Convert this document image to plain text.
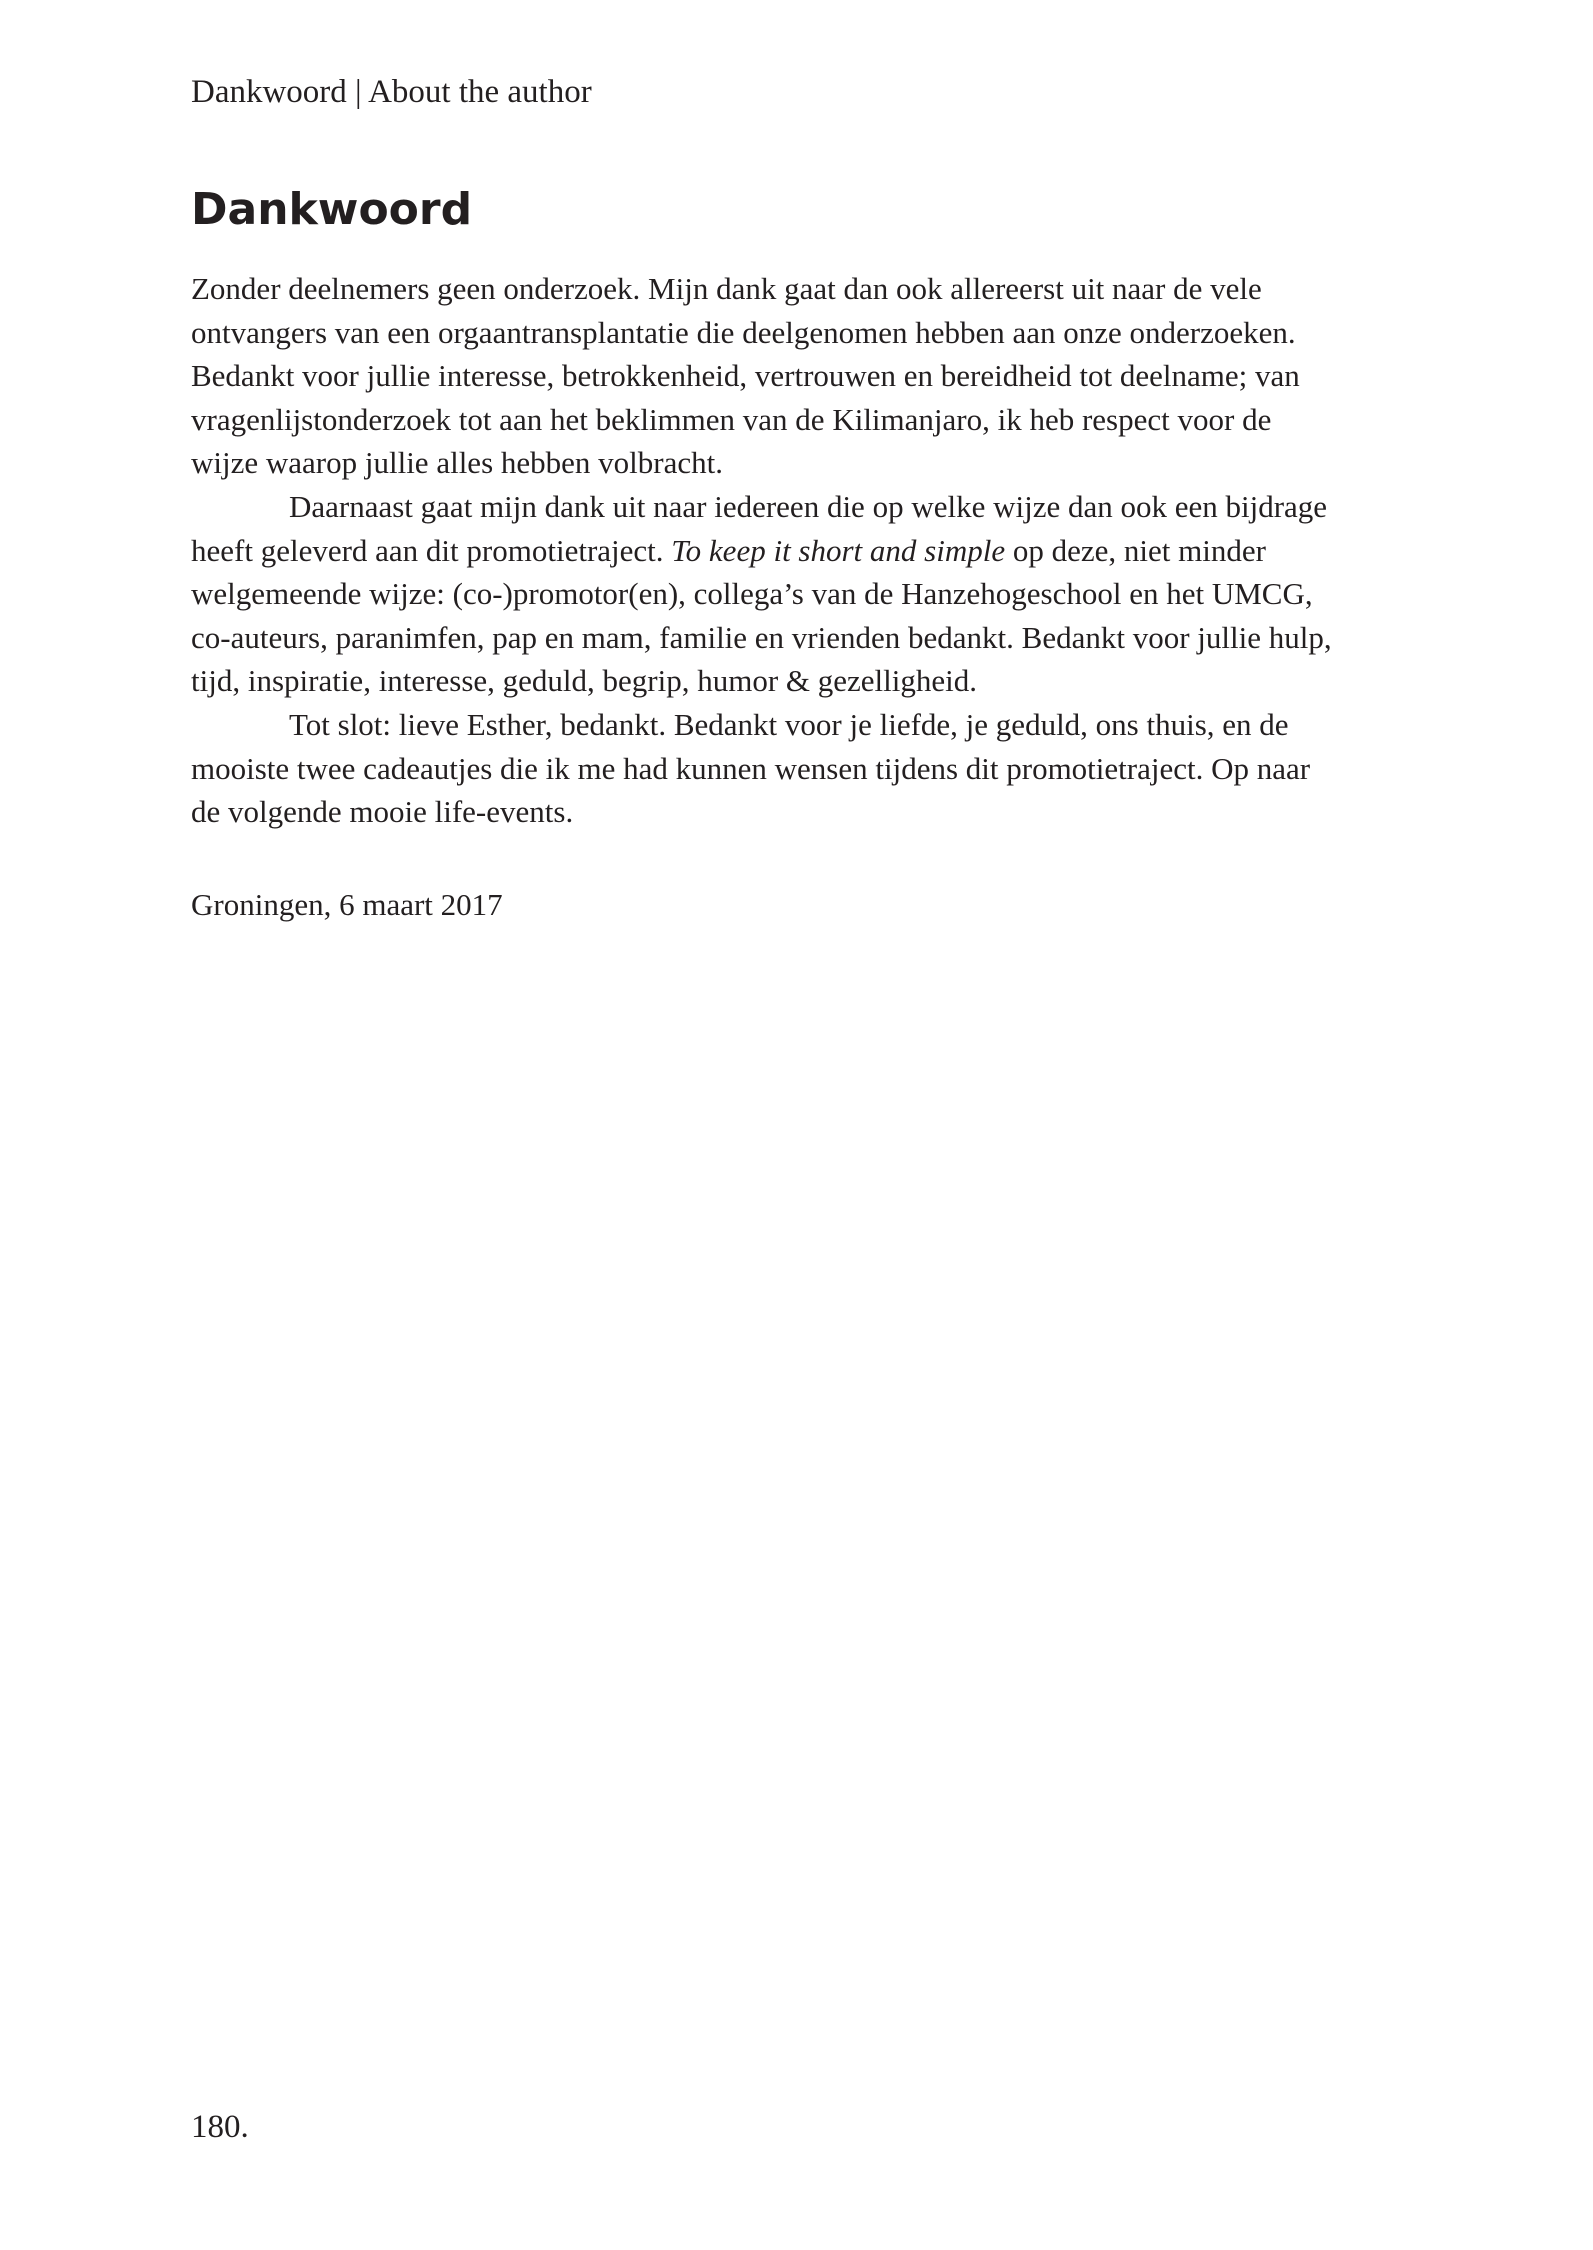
Dankwoord | About the author
Dankwoord
Zonder deelnemers geen onderzoek. Mijn dank gaat dan ook allereerst uit naar de vele
ontvangers van een orgaantransplantatie die deelgenomen hebben aan onze onderzoeken.
Bedankt voor jullie interesse, betrokkenheid, vertrouwen en bereidheid tot deelname; van
vragenlijstonderzoek tot aan het beklimmen van de Kilimanjaro, ik heb respect voor de
wijze waarop jullie alles hebben volbracht.
Daarnaast gaat mijn dank uit naar iedereen die op welke wijze dan ook een bijdrage
heeft geleverd aan dit promotietraject. To keep it short and simple op deze, niet minder
welgemeende wijze: (co-)promotor(en), collega’s van de Hanzehogeschool en het UMCG,
co-auteurs, paranimfen, pap en mam, familie en vrienden bedankt. Bedankt voor jullie hulp,
tijd, inspiratie, interesse, geduld, begrip, humor & gezelligheid.
Tot slot: lieve Esther, bedankt. Bedankt voor je liefde, je geduld, ons thuis, en de
mooiste twee cadeautjes die ik me had kunnen wensen tijdens dit promotietraject. Op naar
de volgende mooie life-events.
Groningen, 6 maart 2017
180.
